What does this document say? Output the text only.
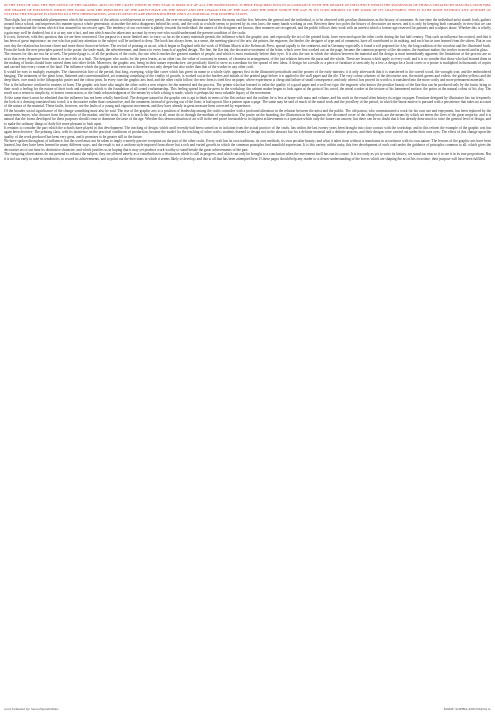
IN THE TEXT OF 1900, THE INFLUENCE OF THE GRAPHIC ARTS ON THE CRAFT WHICH IN THIS YEAR IS DIRECTLY OF ALL THE PROFESSIONS, IS HERE ENQUIRED INTO IN ACCORDANCE WITH THE DEGREE OF INFLUENCE WHICH THE POSSESSION OF THINGS CREATED BY MAN HAS UPON HIM; THE DEGREE OF INFLUENCE WHICH THE WORK AND THE PRINCIPLES OF THE ARTIST HAVE ON THE SPIRIT AND THE CHARACTER OF THE AGE, AND THE SPIRIT WHICH THE AGE IN ITS TURN IMPARTS TO THE WORK OF ITS CRAFTSMEN. THIS IS TO BE DONE WITHOUT ANY ATTEMPT AT SYSTEM; THE ENQUIRY IS LIMITED TO A FEW OBSERVATIONS, AND ITS RESULTS ARE PRESENTED HERE ONLY AS MATERIAL FOR FURTHER STUDY.

That slight, but yet remarkable phenomenon which the movement of the artistic world presents in every period, the ever-recurring alternation between the many and the few, between the general and the individual, is to be observed with peculiar distinctness in the history of ornament. At one time the individual artist stands forth, gathers around him a school, and impresses his manner upon a whole generation; at another the artist disappears behind his work, and the craft as a whole seems to proceed by its own laws, the many hands working as one. Between these two poles the history of decorative art moves, and it is only by keeping both constantly in view that we can hope to understand the forms which it has assumed in successive ages. The tendency of our own time is plainly towards the individual; the names of the designers are known, their manners are recognised, and the public follows their work with an interest which a former age reserved for painters and sculptors alone. Whether this is wholly a gain may well be doubted; but it is at any rate a fact, and one which must be taken into account by every one who would understand the present condition of the crafts.

It is not, however, with this question that we are here concerned. Our purpose is a more limited one: to trace, so far as the scanty materials permit, the influence which the graphic arts, and especially the art of the printed book, have exercised upon the other crafts during the last half century. That such an influence has existed, and that it has been of great importance, no one who has paid any attention to the subject will be inclined to deny. The book has always been, in a sense, the meeting-place of the arts; the printer, the engraver, the binder, the designer of type and of ornament, have all contributed to its making, and each has in turn learned from the others. But in our own day the relation has become closer and more direct than ever before. The revival of printing as an art, which began in England with the work of William Morris at the Kelmscott Press, spread rapidly to the continent, and in Germany especially it found a soil prepared for it by the long tradition of the woodcut and the illustrated book. From the book the new principles passed to the poster, the trade mark, the advertisement, and thence to every branch of applied design. The line, the flat tint, the decorative treatment of the letter, which were first worked out on the page, became the common property of the decorator, the furniture maker, the worker in metal and in glass.

The reasons for this are not far to seek. The printed page is, of all the products of the crafts, the one which reaches the greatest number of people, and which is most constantly before their eyes. It is also the one in which the relation between the material and the design is most immediately apparent; the limitations of the process are so strict that every departure from them is at once felt as a fault. The designer who works for the press learns, as no other can, the value of economy in means, of clearness in arrangement, of the just relation between the parts and the whole. These are lessons which apply to every craft, and it is no wonder that those who had learned them in the making of books should have carried them into other fields. Moreover, the graphic arts, being in their nature reproductive, are peculiarly fitted to serve as a medium for the spread of new ideas. A design for a textile or a piece of furniture is seen only by a few; a design for a book cover or a poster is multiplied in thousands of copies and carried into every corner of the land. The influence which the graphic artist exercises is therefore not only deeper but also wider than that of the worker in any other craft.

It would be easy to multiply examples. The characteristic line of the period, that long, sweeping, whip-like curve which has given its name to a whole style, appears first in the illustrated periodicals and the posters of the early nineties; it is only afterwards that it is transferred to the carved wood, the wrought iron, and the embroidered hanging. The treatment of the plant form, flattened and conventionalised, yet retaining something of the vitality of growth, is worked out in the borders and initials of the printed page before it is applied to the wall paper and the tile. The very colour schemes of the decorative arts, the muted greens and violets, the golden yellows and the deep blues, owe much to the lithographic poster and the colour print. In every case the graphic arts lead, and the other crafts follow; the new form is tried first on paper, where experiment is cheap and failure of small consequence, and only when it has proved its worth is it translated into the more costly and more permanent materials.

Nor is the influence confined to matters of form. The graphic arts have also taught the other crafts a new respect for the material and the process. The printer who has learned to value the quality of a good paper and a well-cut type, the engraver who knows the peculiar beauty of the line that can be produced only by the burin, bring to their work a feeling for the nature of their tools and materials which is the foundation of all sound craftsmanship. This feeling spread from the press to the workshop; the cabinet maker began to look again at the grain of his wood, the metal worker at the texture of his hammered surface, the potter at the natural colour of his clay. The result was a return to simplicity, to honest construction, to the frank acknowledgment of the means by which a thing is made, which is perhaps the most valuable legacy of the movement.

At the same time it must be admitted that the influence has not been wholly beneficial. The designer trained in the graphic arts is apt to think in terms of the flat surface and the outline; he is less at home with mass and volume, and his work in the round often betrays its origin on paper. Furniture designed by illustrators has too frequently the look of a drawing translated into wood; it is decorative rather than constructive, and the ornament, instead of growing out of the form, is laid upon it like a pattern upon a page. The same may be said of much of the metal work and the jewellery of the period, in which the linear motive is pursued with a persistence that takes no account of the nature of the material. These faults, however, are the faults of a young and vigorous movement, and they have already in great measure been corrected by experience.

Of the broader social significance of the change something must also be said. The rise of the graphic arts to a position of leadership among the crafts coincides with a profound alteration in the relation between the artist and the public. The old patron, who commissioned a work for his own use and enjoyment, has been replaced by the anonymous buyer, who chooses from the products of the market; and the artist, if he is to reach this buyer at all, must do so through the medium of reproduction. The poster on the hoarding, the illustration in the magazine, the decorated cover of the cheap book, are the means by which art enters the lives of the great majority; and it is natural that the forms developed for these purposes should come to dominate the taste of the age. Whether this democratisation of art will in the end prove favourable to its highest achievements is a question which only the future can answer; but there can be no doubt that it has already done much to raise the general level of design, and to make the ordinary things of daily life more pleasant to look upon.

It remains to consider the part which the schools have played in this development. The teaching of design, which until recently had been carried on in isolation from the actual practice of the crafts, has within the last twenty years been brought into close contact with the workshop; and in this reform the example of the graphic arts has again been decisive. The printing class, with its insistence on the practical conditions of production, became the model for the teaching of other crafts; students learned to design not in the abstract but for a definite material and a definite process, and their designs were carried out under their own eyes. The effect of this change upon the quality of the work produced has been very great, and it promises to be greater still in the future.

We have spoken throughout of influence, but the word must not be taken to imply a merely passive reception on the part of the other crafts. Every craft has its own traditions, its own methods, its own peculiar beauty; and what it takes from without it transforms in accordance with its own nature. The lessons of the graphic arts have been learned, but they have been learned in many different ways, and the result is not a uniform style imposed from above but a rich and varied growth in which the common principles find manifold expression. It is this variety within unity, this free development of each craft under the guidance of principles common to all, which gives the decorative art of our time its distinctive character, and which justifies us in hoping that it may yet produce work worthy to stand beside the great achievements of the past.

The foregoing observations do not pretend to exhaust the subject; they are offered merely as a contribution to a discussion which is still in progress, and which can only be brought to a conclusion when the movement itself has run its course. It is too early as yet to write its history; we stand too near to it to see it in its true proportions. But it is not too early to note its tendencies, to record its achievements, and to point out the directions in which it seems likely to develop; and this is all that has been attempted here. If these pages should help any reader to a clearer understanding of the forces which are shaping the art of his own time, their purpose will have been fulfilled.

word formatted by: ServerSponsibilities	MADE: SOPHIA AND DIANA A.
